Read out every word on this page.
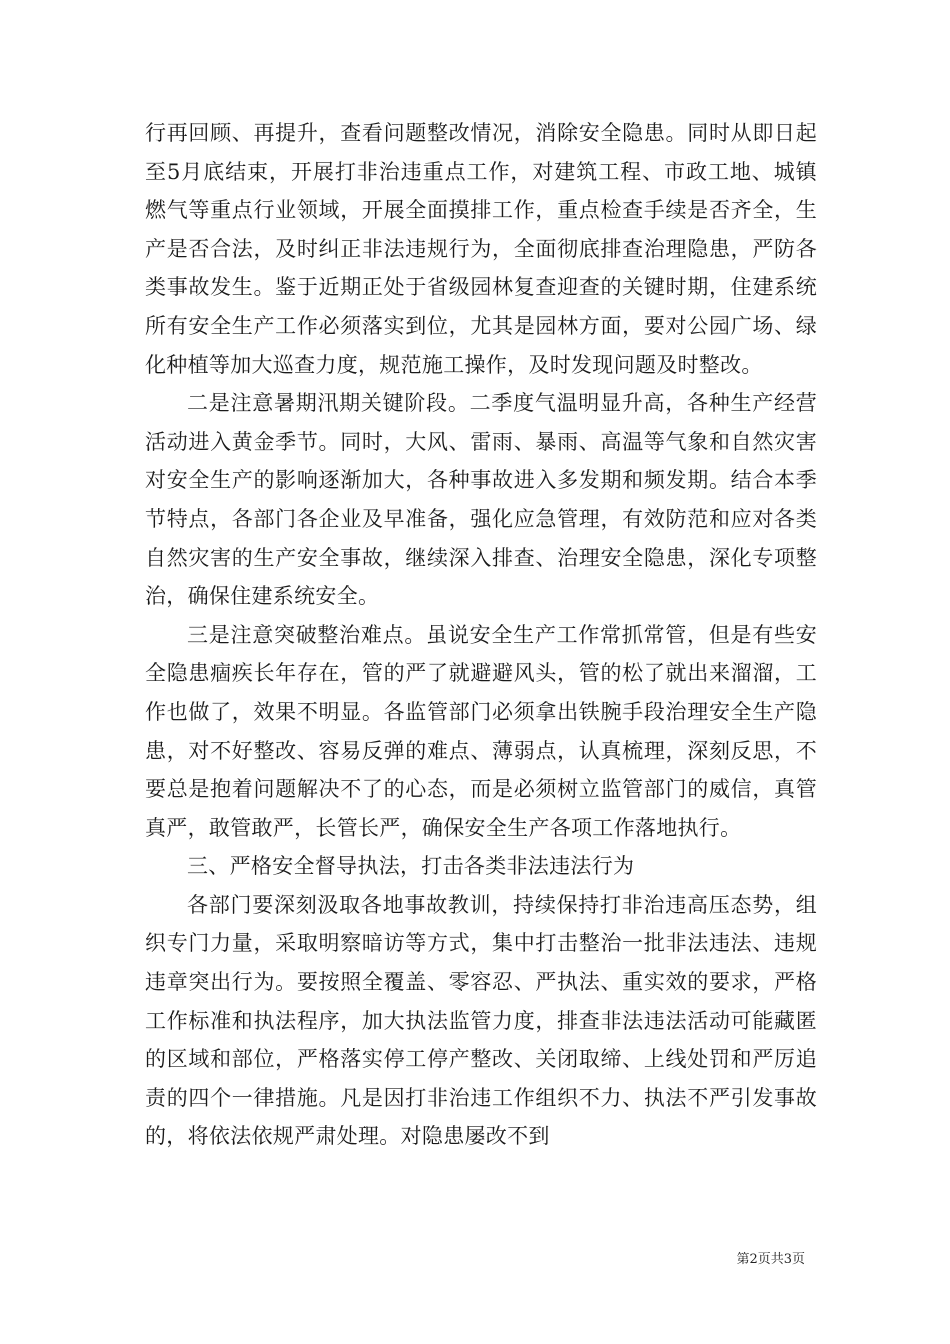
行再回顾、再提升，查看问题整改情况，消除安全隐患。同时从即日起至5月底结束，开展打非治违重点工作，对建筑工程、市政工地、城镇燃气等重点行业领域，开展全面摸排工作，重点检查手续是否齐全，生产是否合法，及时纠正非法违规行为，全面彻底排查治理隐患，严防各类事故发生。鉴于近期正处于省级园林复查迎查的关键时期，住建系统所有安全生产工作必须落实到位，尤其是园林方面，要对公园广场、绿化种植等加大巡查力度，规范施工操作，及时发现问题及时整改。

二是注意暑期汛期关键阶段。二季度气温明显升高，各种生产经营活动进入黄金季节。同时，大风、雷雨、暴雨、高温等气象和自然灾害对安全生产的影响逐渐加大，各种事故进入多发期和频发期。结合本季节特点，各部门各企业及早准备，强化应急管理，有效防范和应对各类自然灾害的生产安全事故，继续深入排查、治理安全隐患，深化专项整治，确保住建系统安全。

三是注意突破整治难点。虽说安全生产工作常抓常管，但是有些安全隐患痼疾长年存在，管的严了就避避风头，管的松了就出来溜溜，工作也做了，效果不明显。各监管部门必须拿出铁腕手段治理安全生产隐患，对不好整改、容易反弹的难点、薄弱点，认真梳理，深刻反思，不要总是抱着问题解决不了的心态，而是必须树立监管部门的威信，真管真严，敢管敢严，长管长严，确保安全生产各项工作落地执行。

三、严格安全督导执法，打击各类非法违法行为

各部门要深刻汲取各地事故教训，持续保持打非治违高压态势，组织专门力量，采取明察暗访等方式，集中打击整治一批非法违法、违规违章突出行为。要按照全覆盖、零容忍、严执法、重实效的要求，严格工作标准和执法程序，加大执法监管力度，排查非法违法活动可能藏匿的区域和部位，严格落实停工停产整改、关闭取缔、上线处罚和严厉追责的四个一律措施。凡是因打非治违工作组织不力、执法不严引发事故的，将依法依规严肃处理。对隐患屡改不到

第2页共3页
